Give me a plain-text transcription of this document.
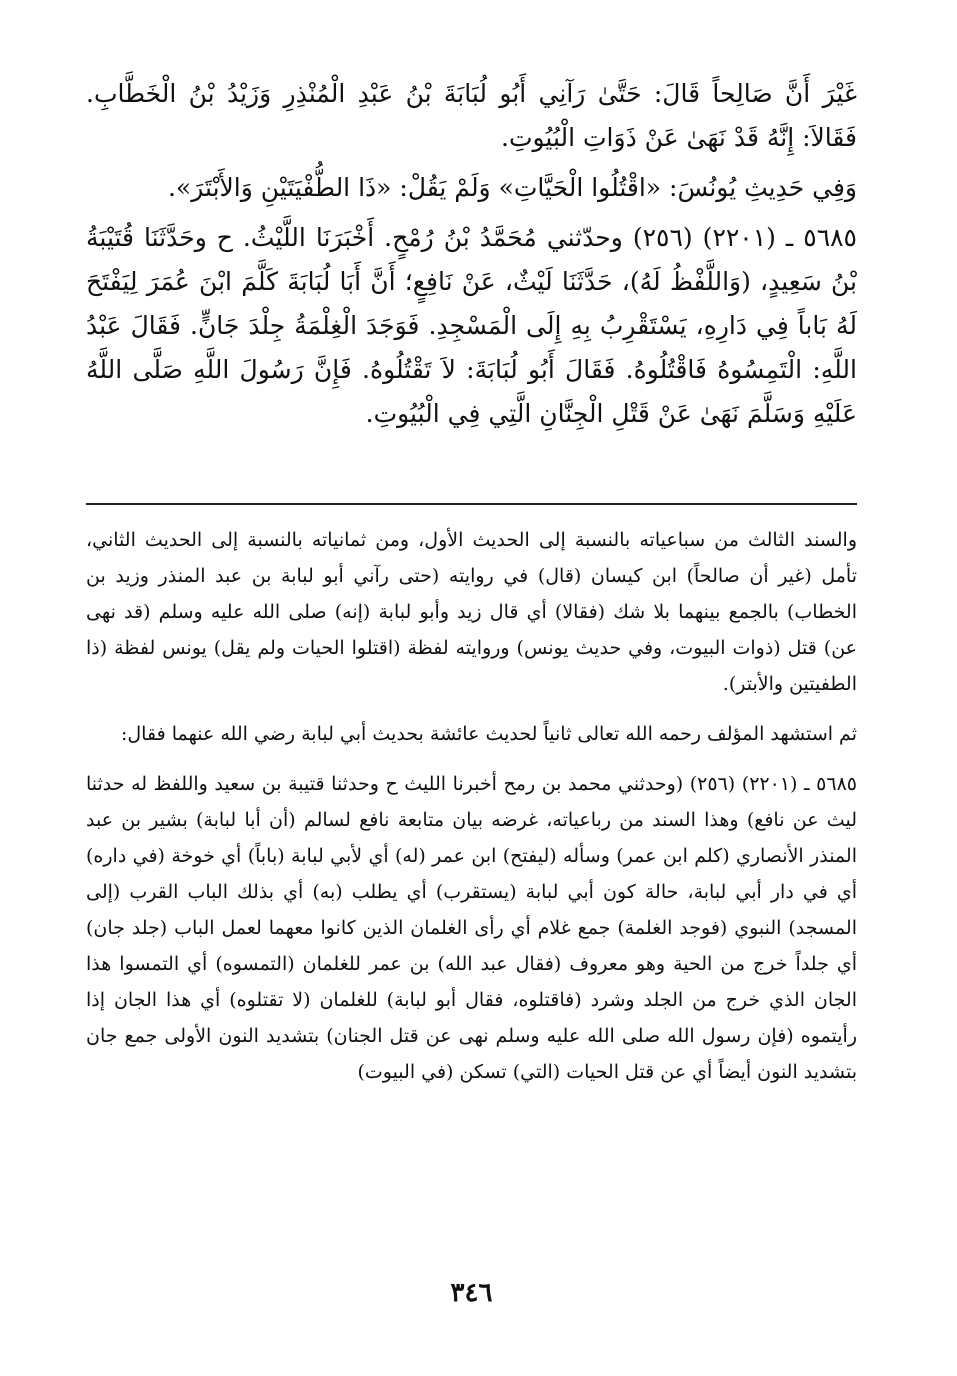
غَيْرَ أَنَّ صَالِحاً قَالَ: حَتَّىٰ رَآنِي أَبُو لُبَابَةَ بْنُ عَبْدِ الْمُنْذِرِ وَزَيْدُ بْنُ الْخَطَّابِ. فَقَالاَ: إِنَّهُ قَدْ نَهَىٰ عَنْ ذَوَاتِ الْبُيُوتِ.

وَفِي حَدِيثِ يُونُسَ: «اقْتُلُوا الْحَيَّاتِ» وَلَمْ يَقُلْ: «ذَا الطُّفْيَتَيْنِ وَالأَبْتَرَ».

٥٦٨٥ ـ (٢٢٠١) (٢٥٦) وحدّثني مُحَمَّدُ بْنُ رُمْحٍ. أَخْبَرَنَا اللَّيْثُ. ح وحَدَّثَنَا قُتَيْبَةُ بْنُ سَعِيدٍ، (وَاللَّفْظُ لَهُ)، حَدَّثَنَا لَيْثٌ، عَنْ نَافِعٍ؛ أَنَّ أَبَا لُبَابَةَ كَلَّمَ ابْنَ عُمَرَ لِيَفْتَحَ لَهُ بَاباً فِي دَارِهِ، يَسْتَقْرِبُ بِهِ إِلَى الْمَسْجِدِ. فَوَجَدَ الْغِلْمَةُ جِلْدَ جَانٍّ. فَقَالَ عَبْدُ اللَّهِ: الْتَمِسُوهُ فَاقْتُلُوهُ. فَقَالَ أَبُو لُبَابَةَ: لاَ تَقْتُلُوهُ. فَإِنَّ رَسُولَ اللَّهِ صَلَّى اللَّهُ عَلَيْهِ وَسَلَّمَ نَهَىٰ عَنْ قَتْلِ الْجِنَّانِ الَّتِي فِي الْبُيُوتِ.

والسند الثالث من سباعياته بالنسبة إلى الحديث الأول، ومن ثمانياته بالنسبة إلى الحديث الثاني، تأمل (غير أن صالحاً) ابن كيسان (قال) في روايته (حتى رآني أبو لبابة بن عبد المنذر وزيد بن الخطاب) بالجمع بينهما بلا شك (فقالا) أي قال زيد وأبو لبابة (إنه) صلى الله عليه وسلم (قد نهى عن) قتل (ذوات البيوت، وفي حديث يونس) وروايته لفظة (اقتلوا الحيات ولم يقل) يونس لفظة (ذا الطفيتين والأبتر).

ثم استشهد المؤلف رحمه الله تعالى ثانياً لحديث عائشة بحديث أبي لبابة رضي الله عنهما فقال:

٥٦٨٥ ـ (٢٢٠١) (٢٥٦) (وحدثني محمد بن رمح أخبرنا الليث ح وحدثنا قتيبة بن سعيد واللفظ له حدثنا ليث عن نافع) وهذا السند من رباعياته، غرضه بيان متابعة نافع لسالم (أن أبا لبابة) بشير بن عبد المنذر الأنصاري (كلم ابن عمر) وسأله (ليفتح) ابن عمر (له) أي لأبي لبابة (باباً) أي خوخة (في داره) أي في دار أبي لبابة، حالة كون أبي لبابة (يستقرب) أي يطلب (به) أي بذلك الباب القرب (إلى المسجد) النبوي (فوجد الغلمة) جمع غلام أي رأى الغلمان الذين كانوا معهما لعمل الباب (جلد جان) أي جلداً خرج من الحية وهو معروف (فقال عبد الله) بن عمر للغلمان (التمسوه) أي التمسوا هذا الجان الذي خرج من الجلد وشرد (فاقتلوه، فقال أبو لبابة) للغلمان (لا تقتلوه) أي هذا الجان إذا رأيتموه (فإن رسول الله صلى الله عليه وسلم نهى عن قتل الجنان) بتشديد النون الأولى جمع جان بتشديد النون أيضاً أي عن قتل الحيات (التي) تسكن (في البيوت)

٣٤٦
